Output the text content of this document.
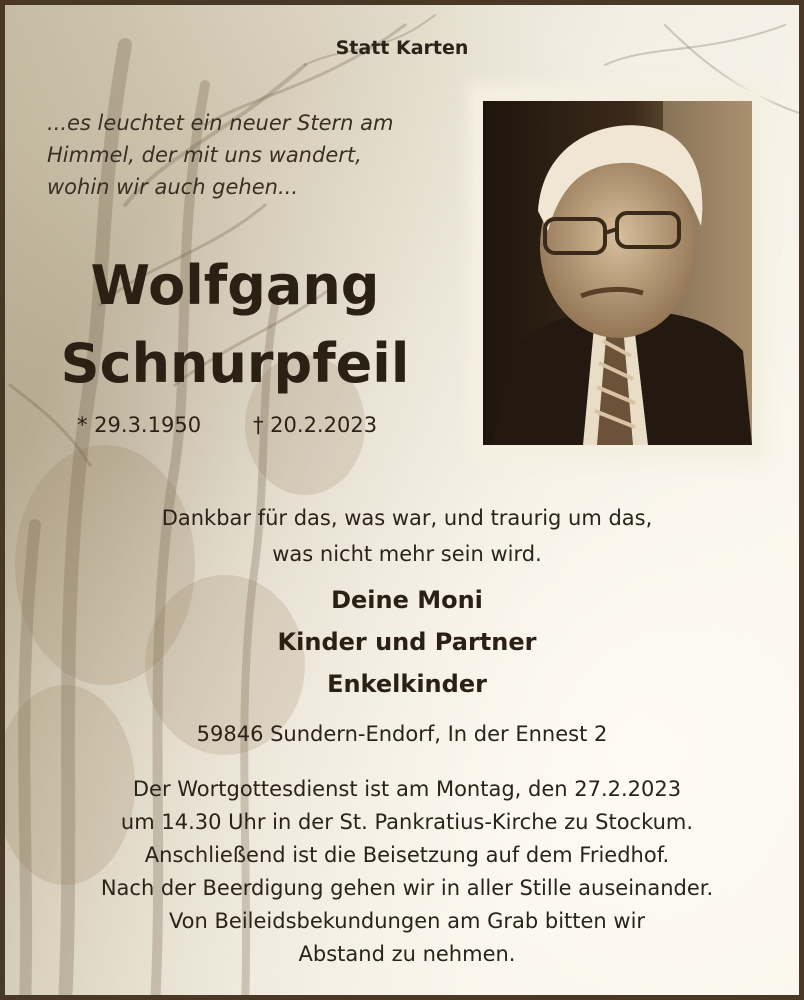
Statt Karten
...es leuchtet ein neuer Stern am
Himmel, der mit uns wandert,
wohin wir auch gehen...
Wolfgang
Schnurpfeil
* 29.3.1950 † 20.2.2023
Dankbar für das, was war, und traurig um das,
was nicht mehr sein wird.
Deine Moni
Kinder und Partner
Enkelkinder
59846 Sundern-Endorf, In der Ennest 2
Der Wortgottesdienst ist am Montag, den 27.2.2023
um 14.30 Uhr in der St. Pankratius-Kirche zu Stockum.
Anschließend ist die Beisetzung auf dem Friedhof.
Nach der Beerdigung gehen wir in aller Stille auseinander.
Von Beileidsbekundungen am Grab bitten wir
Abstand zu nehmen.
